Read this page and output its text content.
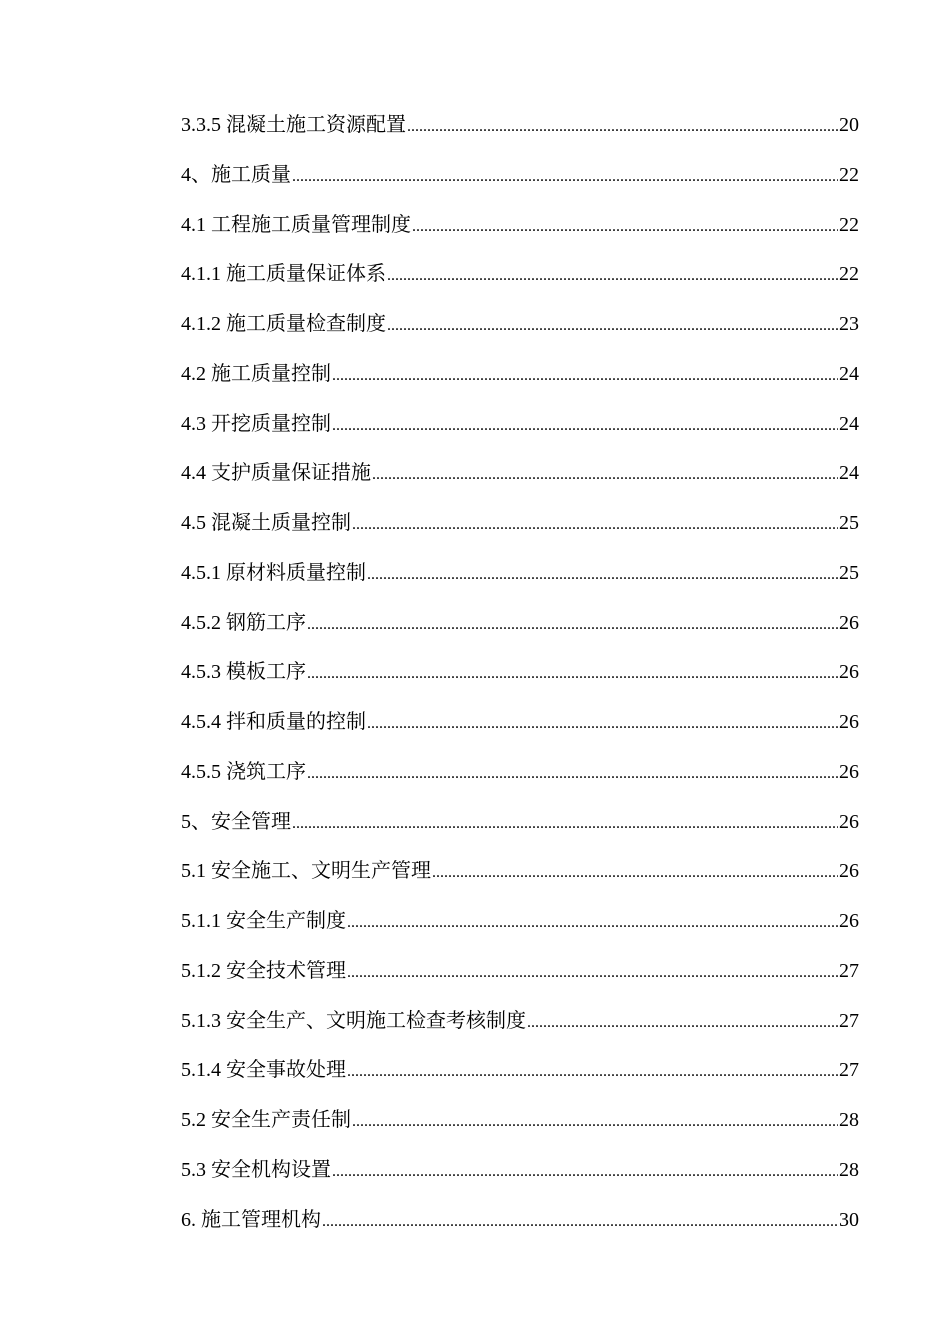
3.3.5 混凝土施工资源配置 .....	20
4、施工质量 .....	22
4.1 工程施工质量管理制度 .....	22
4.1.1 施工质量保证体系 .....	22
4.1.2 施工质量检查制度 .....	23
4.2 施工质量控制 .....	24
4.3 开挖质量控制 .....	24
4.4 支护质量保证措施 .....	24
4.5 混凝土质量控制 .....	25
4.5.1 原材料质量控制 .....	25
4.5.2 钢筋工序 .....	26
4.5.3 模板工序 .....	26
4.5.4 拌和质量的控制 .....	26
4.5.5 浇筑工序 .....	26
5、安全管理 .....	26
5.1 安全施工、文明生产管理 .....	26
5.1.1 安全生产制度 .....	26
5.1.2 安全技术管理 .....	27
5.1.3 安全生产、文明施工检查考核制度 .....	27
5.1.4 安全事故处理 .....	27
5.2 安全生产责任制 .....	28
5.3 安全机构设置 .....	28
6. 施工管理机构 .....	30
